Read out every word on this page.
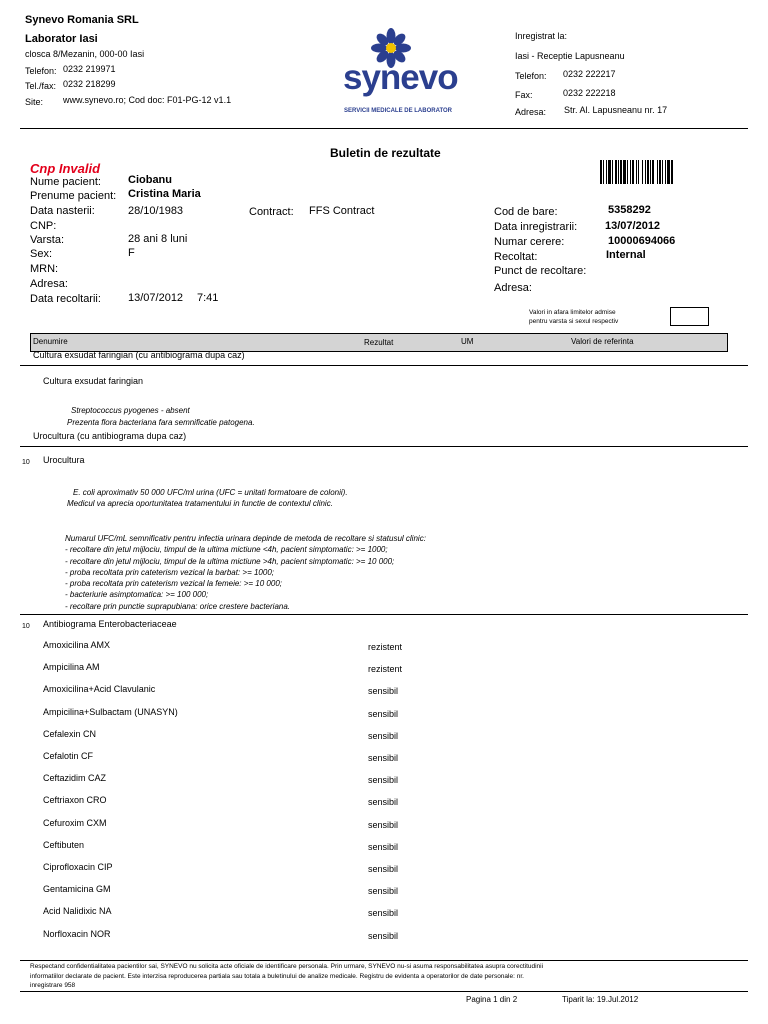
Synevo Romania SRL
Laborator Iasi
closca 8/Mezanin, 000-00 Iasi
Telefon: 0232 219971
Tel./fax: 0232 218299
Site: www.synevo.ro; Cod doc: F01-PG-12 v1.1
synevo
SERVICII MEDICALE DE LABORATOR
Inregistrat la:
Iasi - Receptie Lapusneanu
Telefon: 0232 222217
Fax:	0232 222218
Adresa: Str. Al. Lapusneanu nr. 17
Buletin de rezultate
Cnp Invalid
Nume pacient: Ciobanu
Prenume pacient: Cristina Maria
Data nasterii:	28/10/1983
CNP:
Varsta:	28 ani 8 luni
Sex:	F
MRN:
Adresa:
Data recoltarii: 13/07/2012 7:41
Contract: FFS Contract	Cod de bare:	5358292
Data inregistrarii:	13/07/2012
Numar cerere:	10000694066
Recoltat:	Internal
Punct de recoltare:
Adresa:
Valori in afara limitelor admise
pentru varsta si sexul respectiv
Denumire	Rezultat	UM	Valori de referinta
Cultura exsudat faringian (cu antibiograma dupa caz)
Cultura exsudat faringian
Streptococcus pyogenes - absent
Prezenta flora bacteriana fara semnificatie patogena.
Urocultura (cu antibiograma dupa caz)
10 Urocultura
E. coli aproximativ 50 000 UFC/ml urina (UFC = unitati formatoare de colonii).
Medicul va aprecia oportunitatea tratamentului in functie de contextul clinic.
Numarul UFC/mL semnificativ pentru infectia urinara depinde de metoda de recoltare si statusul clinic:
- recoltare din jetul mijlociu, timpul de la ultima mictiune <4h, pacient simptomatic: >= 1000;
- recoltare din jetul mijlociu, timpul de la ultima mictiune >4h, pacient simptomatic: >= 10 000;
- proba recoltata prin cateterism vezical la barbat: >= 1000;
- proba recoltata prin cateterism vezical la femeie: >= 10 000;
- bacteriurie asimptomatica: >= 100 000;
- recoltare prin punctie suprapubiana: orice crestere bacteriana.
10 Antibiograma Enterobacteriaceae
Amoxicilina AMX	rezistent
Ampicilina AM	rezistent
Amoxicilina+Acid Clavulanic	sensibil
Ampicilina+Sulbactam (UNASYN)	sensibil
Cefalexin CN	sensibil
Cefalotin CF	sensibil
Ceftazidim CAZ	sensibil
Ceftriaxon CRO	sensibil
Cefuroxim CXM	sensibil
Ceftibuten	sensibil
Ciprofloxacin CIP	sensibil
Gentamicina GM	sensibil
Acid Nalidixic NA	sensibil
Norfloxacin NOR	sensibil
Respectand confidentialitatea pacientilor sai, SYNEVO nu solicita acte oficiale de identificare personala. Prin urmare, SYNEVO nu-si asuma responsabilitatea asupra corectitudinii
informatiilor declarate de pacient. Este interzisa reproducerea partiala sau totala a buletinului de analize medicale. Registru de evidenta a operatorilor de date personale: nr.
inregistrare 958
Pagina 1 din 2	Tiparit la: 19.Jul.2012
